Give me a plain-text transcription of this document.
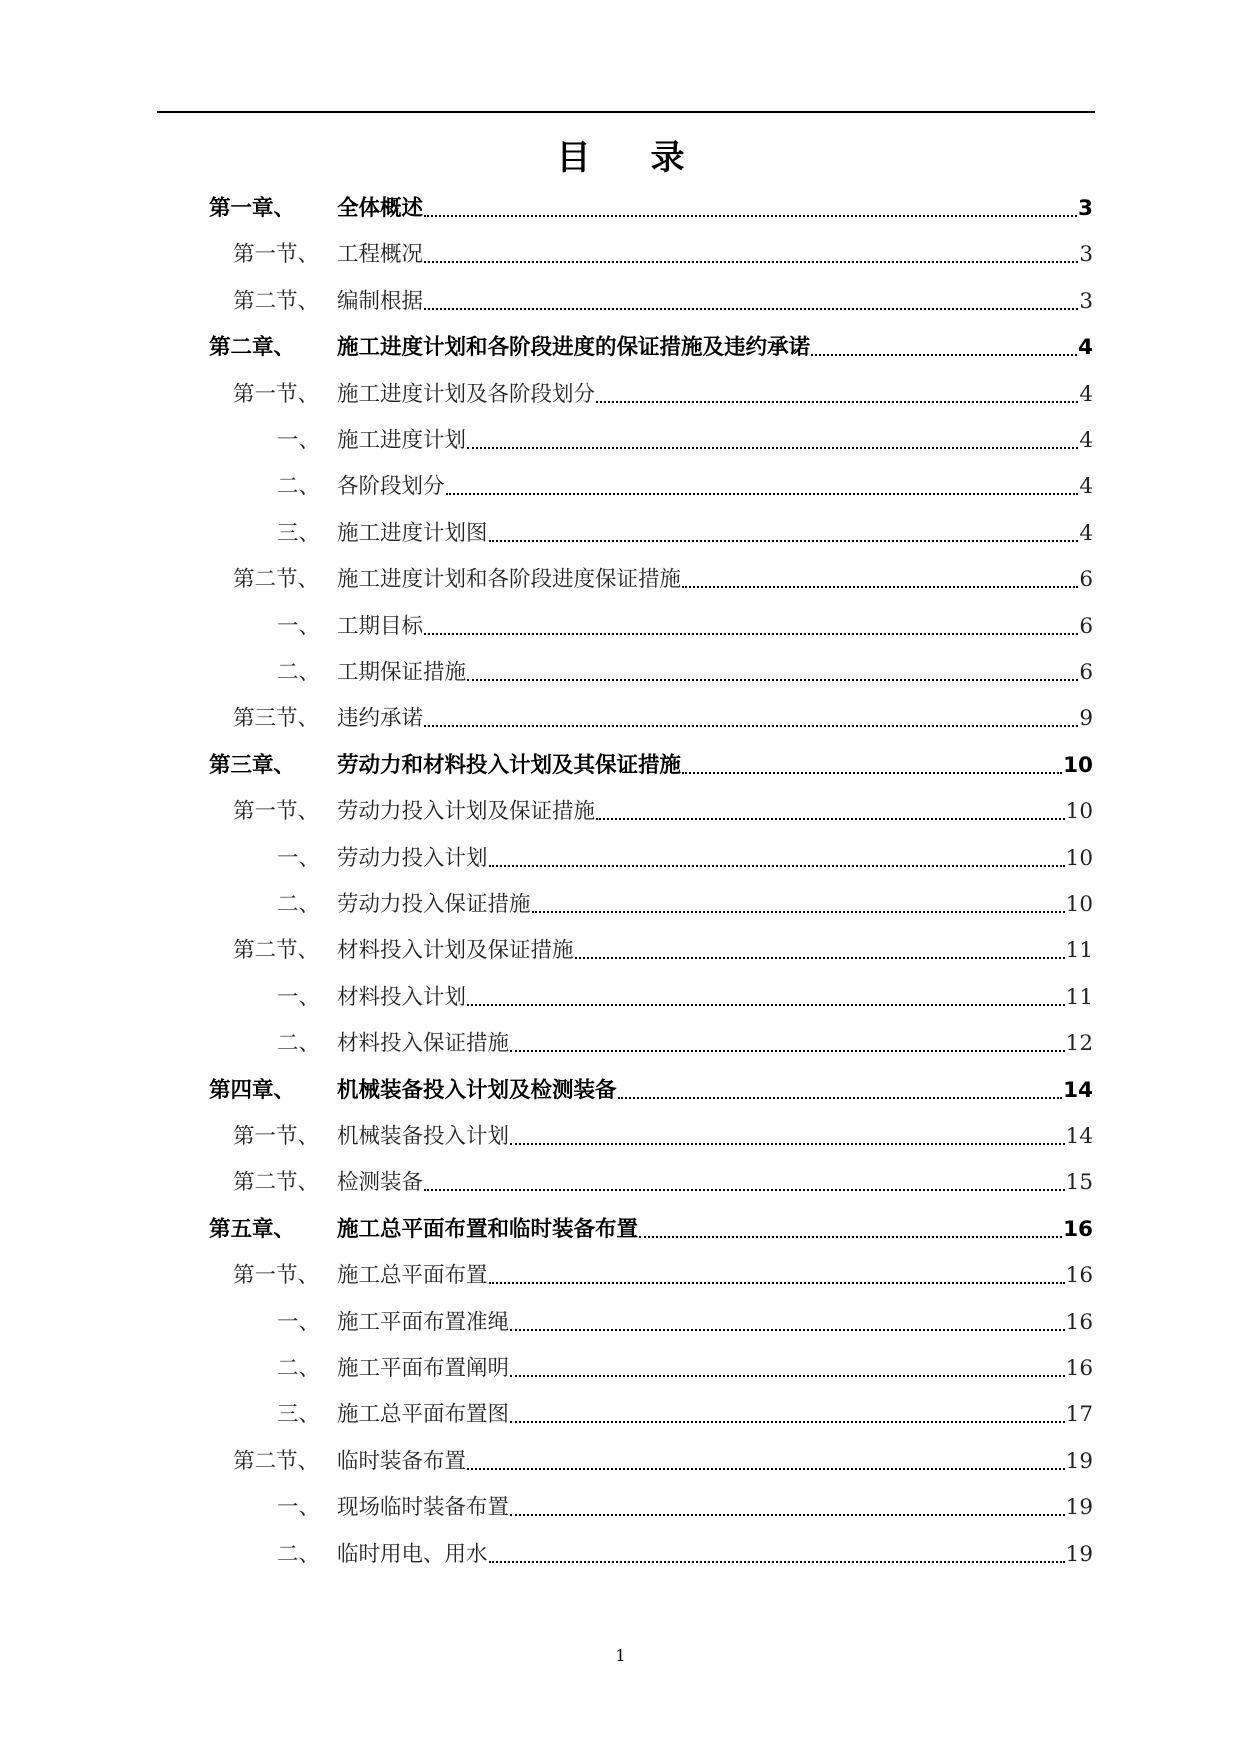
目 录
第一章、 全体概述	3
第一节、 工程概况	3
第二节、 编制根据	3
第二章、 施工进度计划和各阶段进度的保证措施及违约承诺	4
第一节、 施工进度计划及各阶段划分	4
一、 施工进度计划	4
二、 各阶段划分	4
三、 施工进度计划图	4
第二节、 施工进度计划和各阶段进度保证措施	6
一、 工期目标	6
二、 工期保证措施	6
第三节、 违约承诺	9
第三章、 劳动力和材料投入计划及其保证措施	10
第一节、 劳动力投入计划及保证措施	10
一、 劳动力投入计划	10
二、 劳动力投入保证措施	10
第二节、 材料投入计划及保证措施	11
一、 材料投入计划	11
二、 材料投入保证措施	12
第四章、 机械装备投入计划及检测装备	14
第一节、 机械装备投入计划	14
第二节、 检测装备	15
第五章、 施工总平面布置和临时装备布置	16
第一节、 施工总平面布置	16
一、 施工平面布置准绳	16
二、 施工平面布置阐明	16
三、 施工总平面布置图	17
第二节、 临时装备布置	19
一、 现场临时装备布置	19
二、 临时用电、用水	19
1
